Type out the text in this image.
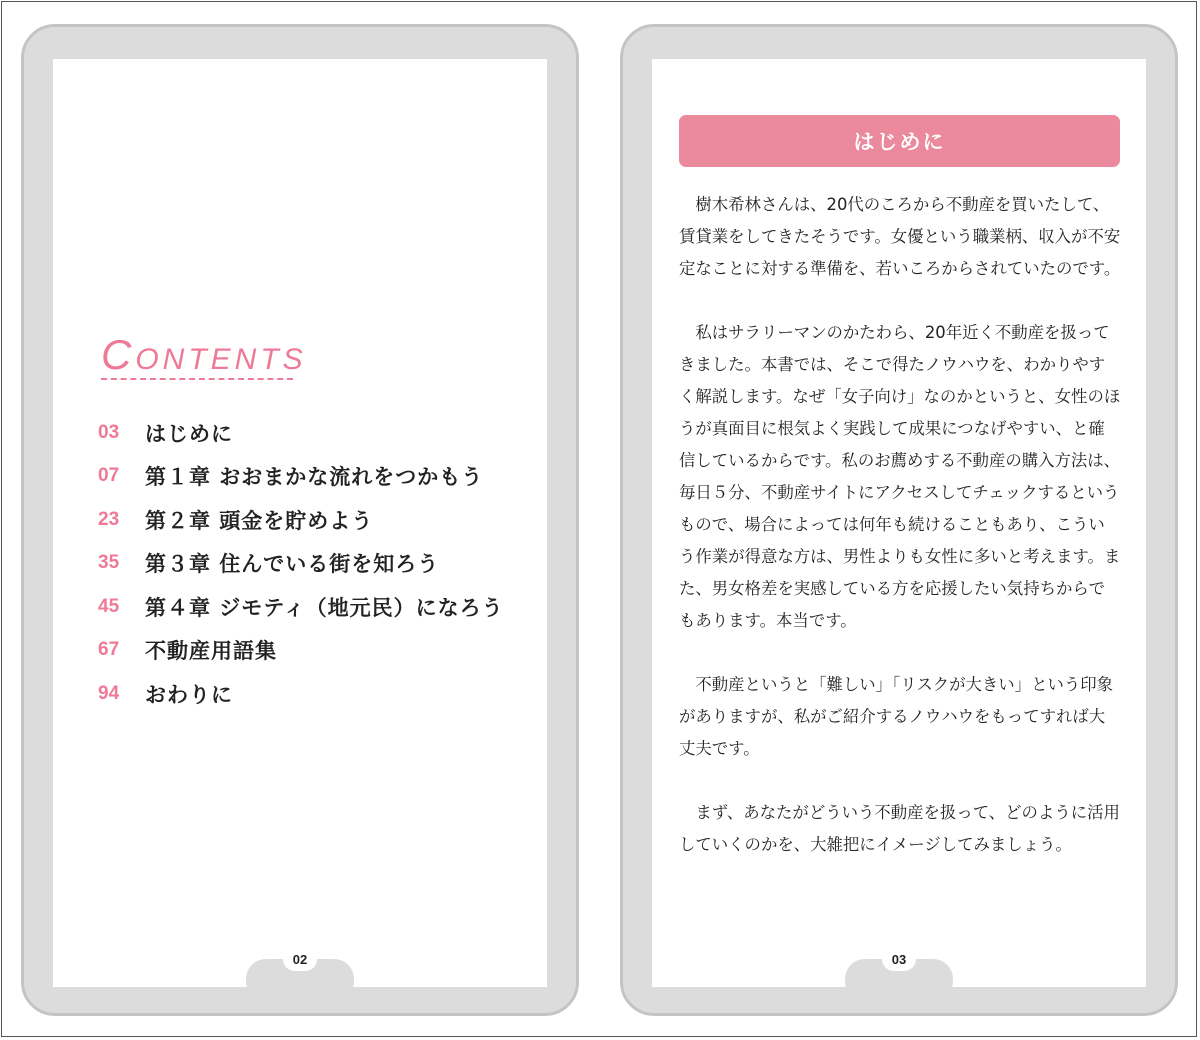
CONTENTS
03	はじめに
07	第１章 おおまかな流れをつかもう
23	第２章 頭金を貯めよう
35	第３章 住んでいる街を知ろう
45	第４章 ジモティ（地元民）になろう
67	不動産用語集
94	おわりに
02
はじめに

樹木希林さんは、20代のころから不動産を買いたして、賃貸業をしてきたそうです。女優という職業柄、収入が不安定なことに対する準備を、若いころからされていたのです。

私はサラリーマンのかたわら、20年近く不動産を扱ってきました。本書では、そこで得たノウハウを、わかりやすく解説します。なぜ「女子向け」なのかというと、女性のほうが真面目に根気よく実践して成果につなげやすい、と確信しているからです。私のお薦めする不動産の購入方法は、毎日５分、不動産サイトにアクセスしてチェックするというもので、場合によっては何年も続けることもあり、こういう作業が得意な方は、男性よりも女性に多いと考えます。また、男女格差を実感している方を応援したい気持ちからでもあります。本当です。

不動産というと「難しい」「リスクが大きい」という印象がありますが、私がご紹介するノウハウをもってすれば大丈夫です。

まず、あなたがどういう不動産を扱って、どのように活用していくのかを、大雑把にイメージしてみましょう。

03
